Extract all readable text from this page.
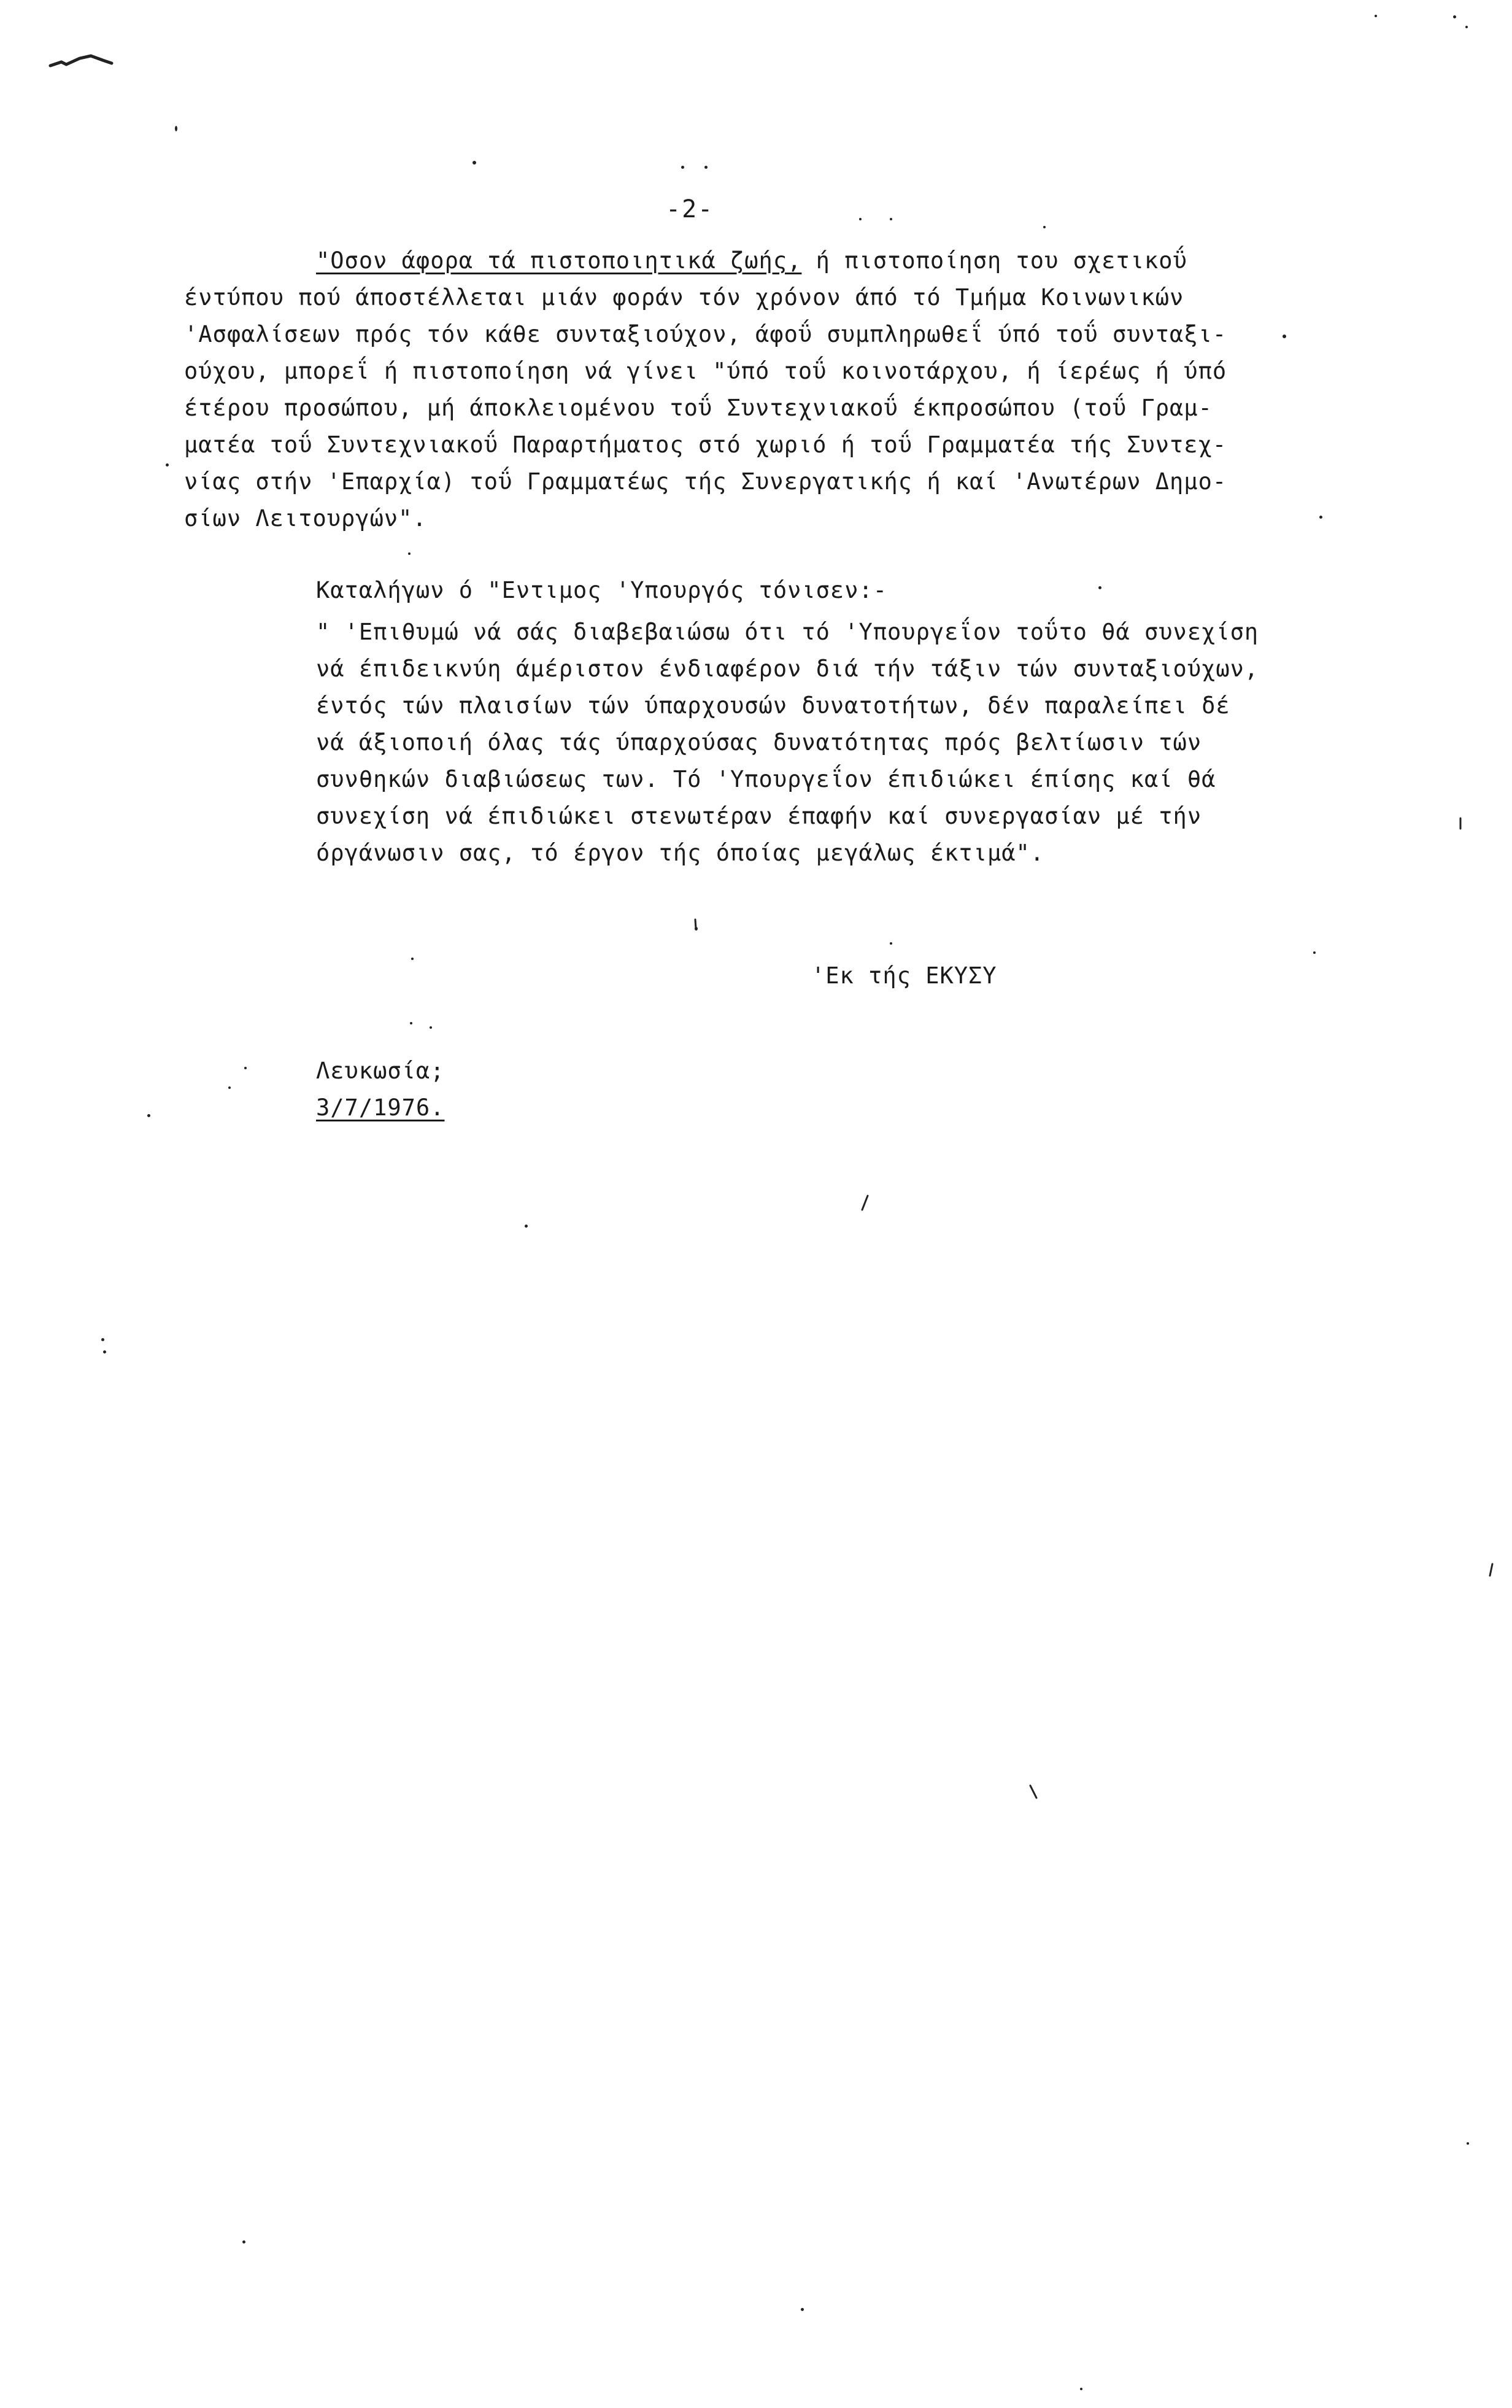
-2-
"Οσον άφορα τά πιστοποιητικά ζωής, ή πιστοποίηση του σχετικοΰ
έντύπου πού άποστέλλεται μιάν φοράν τόν χρόνον άπό τό Τμήμα Κοινωνικών
'Ασφαλίσεων πρός τόν κάθε συνταξιούχον, άφοΰ συμπληρωθεΐ ύπό τοΰ συνταξι-
ούχου, μπορεΐ ή πιστοποίηση νά γίνει "ύπό τοΰ κοινοτάρχου, ή ίερέως ή ύπό
έτέρου προσώπου, μή άποκλειομένου τοΰ Συντεχνιακοΰ έκπροσώπου (τοΰ Γραμ-
ματέα τοΰ Συντεχνιακοΰ Παραρτήματος στό χωριό ή τοΰ Γραμματέα τής Συντεχ-
νίας στήν 'Επαρχία) τοΰ Γραμματέως τής Συνεργατικής ή καί 'Ανωτέρων Δημο-
σίων Λειτουργών".
Καταλήγων ό "Εντιμος 'Υπουργός τόνισεν:-
" 'Επιθυμώ νά σάς διαβεβαιώσω ότι τό 'Υπουργεΐον τοΰτο θά συνεχίση
νά έπιδεικνύη άμέριστον ένδιαφέρον διά τήν τάξιν τών συνταξιούχων,
έντός τών πλαισίων τών ύπαρχουσών δυνατοτήτων, δέν παραλείπει δέ
νά άξιοποιή όλας τάς ύπαρχούσας δυνατότητας πρός βελτίωσιν τών
συνθηκών διαβιώσεως των. Τό 'Υπουργεΐον έπιδιώκει έπίσης καί θά
συνεχίση νά έπιδιώκει στενωτέραν έπαφήν καί συνεργασίαν μέ τήν
όργάνωσιν σας, τό έργον τής όποίας μεγάλως έκτιμά".
'Εκ τής ΕΚΥΣΥ
Λευκωσία;
3/7/1976.
